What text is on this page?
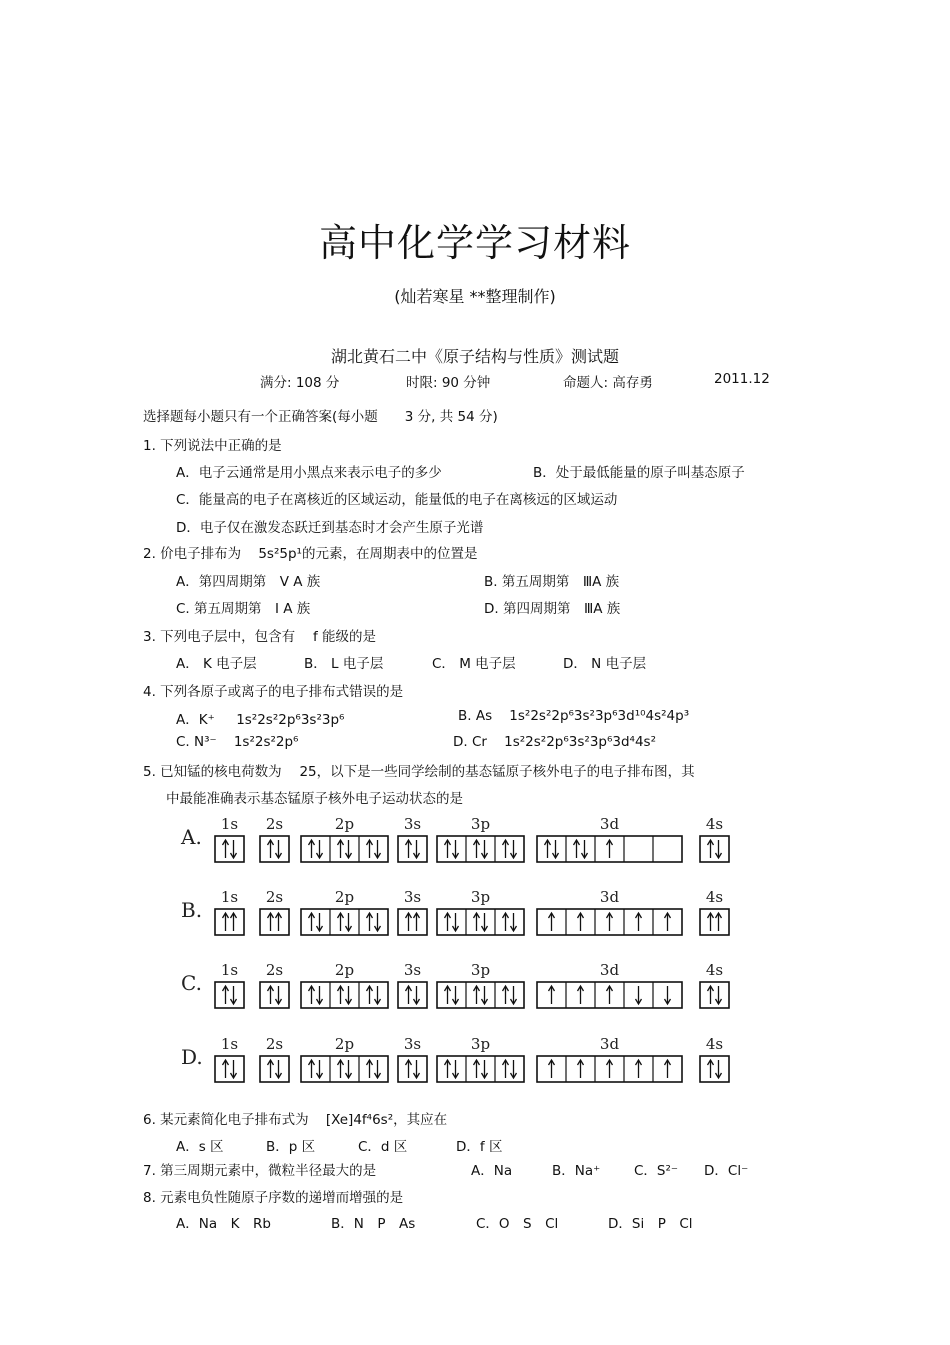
高中化学学习材料
(灿若寒星 **整理制作)
湖北黄石二中《原子结构与性质》测试题
满分: 108 分	时限: 90 分钟	命题人: 高存勇	2011.12
选择题每小题只有一个正确答案(每小题　　3 分, 共 54 分)
1. 下列说法中正确的是
A．电子云通常是用小黑点来表示电子的多少	B．处于最低能量的原子叫基态原子
C．能量高的电子在离核近的区域运动，能量低的电子在离核远的区域运动
D．电子仅在激发态跃迁到基态时才会产生原子光谱
2. 价电子排布为 5s²5p¹的元素，在周期表中的位置是
A．第四周期第　Ⅴ A 族	B. 第五周期第　ⅢA 族
C. 第五周期第　Ⅰ A 族	D. 第四周期第　ⅢA 族
3. 下列电子层中，包含有　 f 能级的是
A． K 电子层	B． L 电子层	C． M 电子层	D． N 电子层
4. 下列各原子或离子的电子排布式错误的是
A．K⁺ 1s²2s²2p⁶3s²3p⁶	B. As 1s²2s²2p⁶3s²3p⁶3d¹⁰4s²4p³
C. N³⁻ 1s²2s²2p⁶	D. Cr 1s²2s²2p⁶3s²3p⁶3d⁴4s²
5. 已知锰的核电荷数为　 25，以下是一些同学绘制的基态锰原子核外电子的电子排布图，其
中最能准确表示基态锰原子核外电子运动状态的是
A.
1s 2s	2p	3s	3p	3d	4s
B.
1s 2s	2p	3s	3p	3d	4s
C.
1s 2s	2p	3s	3p	3d	4s
D.
1s 2s	2p	3s	3p	3d	4s
6. 某元素简化电子排布式为 [Xe]4f⁴6s²，其应在
A．s 区	B．p 区	C．d 区	D．f 区
7. 第三周期元素中，微粒半径最大的是	A．Na	B．Na⁺ C．S²⁻ D．Cl⁻
8. 元素电负性随原子序数的递增而增强的是
A．Na　K　Rb	B．N　P　As	C．O　S　Cl	D．Si　P　Cl
